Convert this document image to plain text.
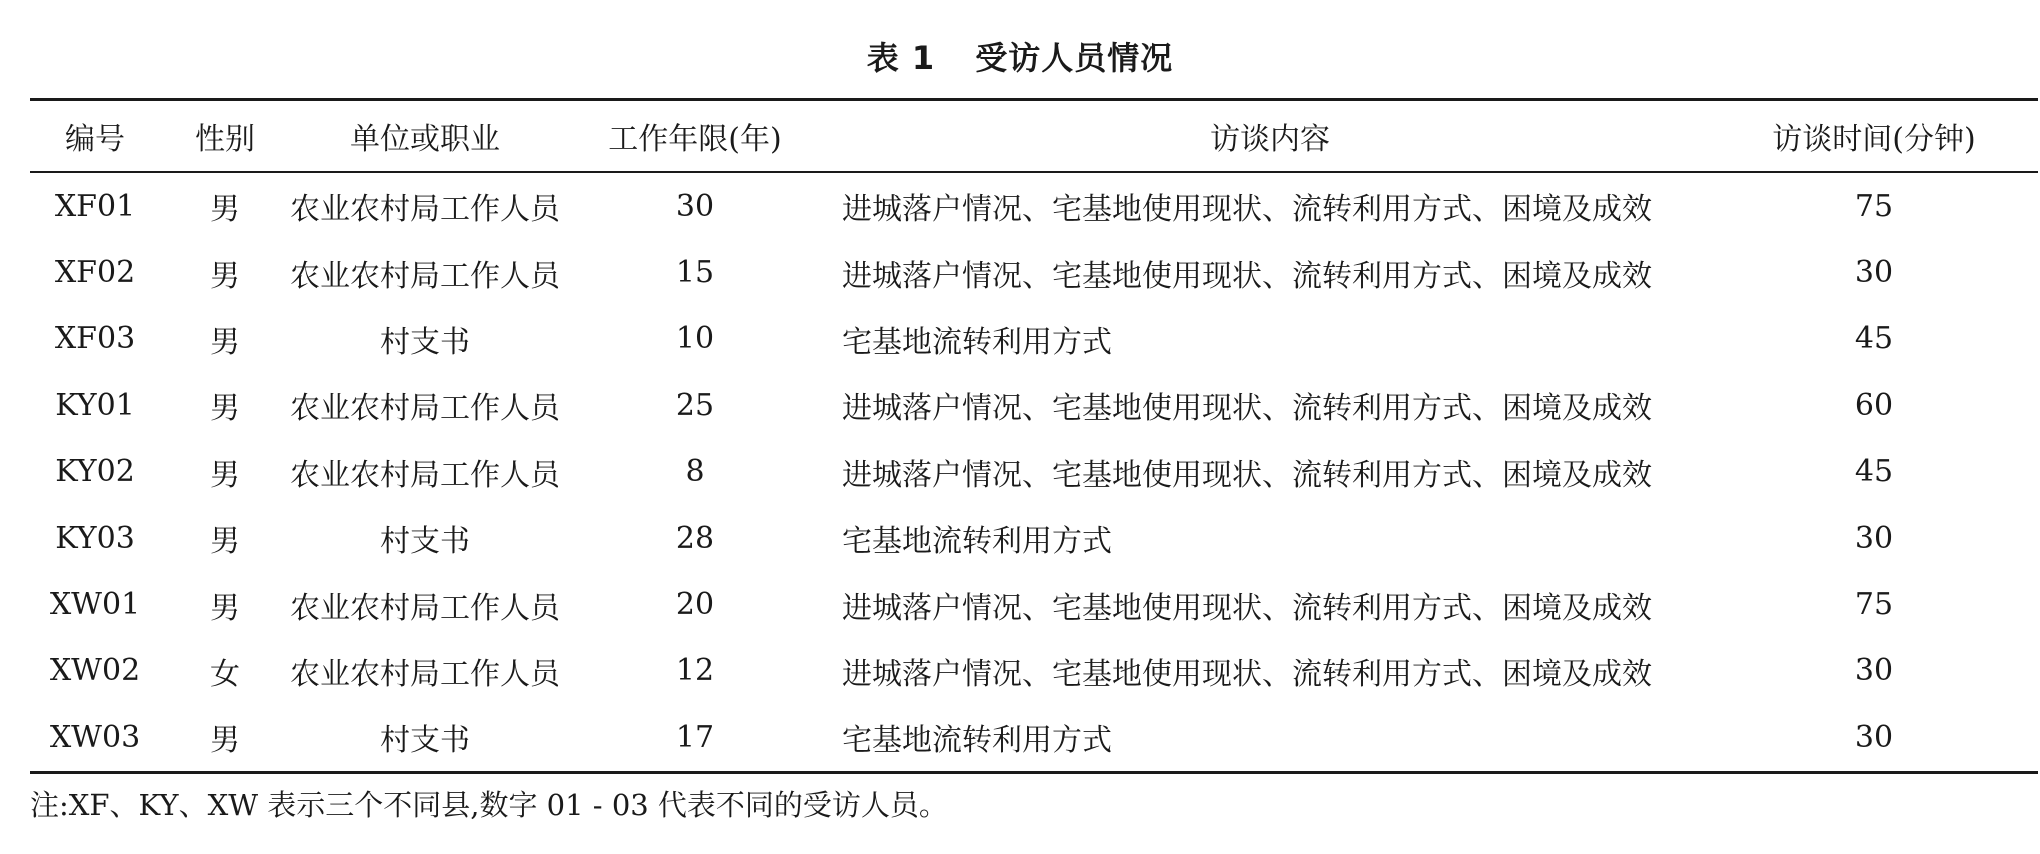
表 1 受访人员情况
编号	性别	单位或职业	工作年限(年)	访谈内容	访谈时间(分钟)
XF01	男	农业农村局工作人员	30	进城落户情况、宅基地使用现状、流转利用方式、困境及成效	75
XF02	男	农业农村局工作人员	15	进城落户情况、宅基地使用现状、流转利用方式、困境及成效	30
XF03	男	村支书	10	宅基地流转利用方式	45
KY01	男	农业农村局工作人员	25	进城落户情况、宅基地使用现状、流转利用方式、困境及成效	60
KY02	男	农业农村局工作人员	8	进城落户情况、宅基地使用现状、流转利用方式、困境及成效	45
KY03	男	村支书	28	宅基地流转利用方式	30
XW01	男	农业农村局工作人员	20	进城落户情况、宅基地使用现状、流转利用方式、困境及成效	75
XW02	女	农业农村局工作人员	12	进城落户情况、宅基地使用现状、流转利用方式、困境及成效	30
XW03	男	村支书	17	宅基地流转利用方式	30
注:XF、KY、XW 表示三个不同县,数字 01 - 03 代表不同的受访人员。
